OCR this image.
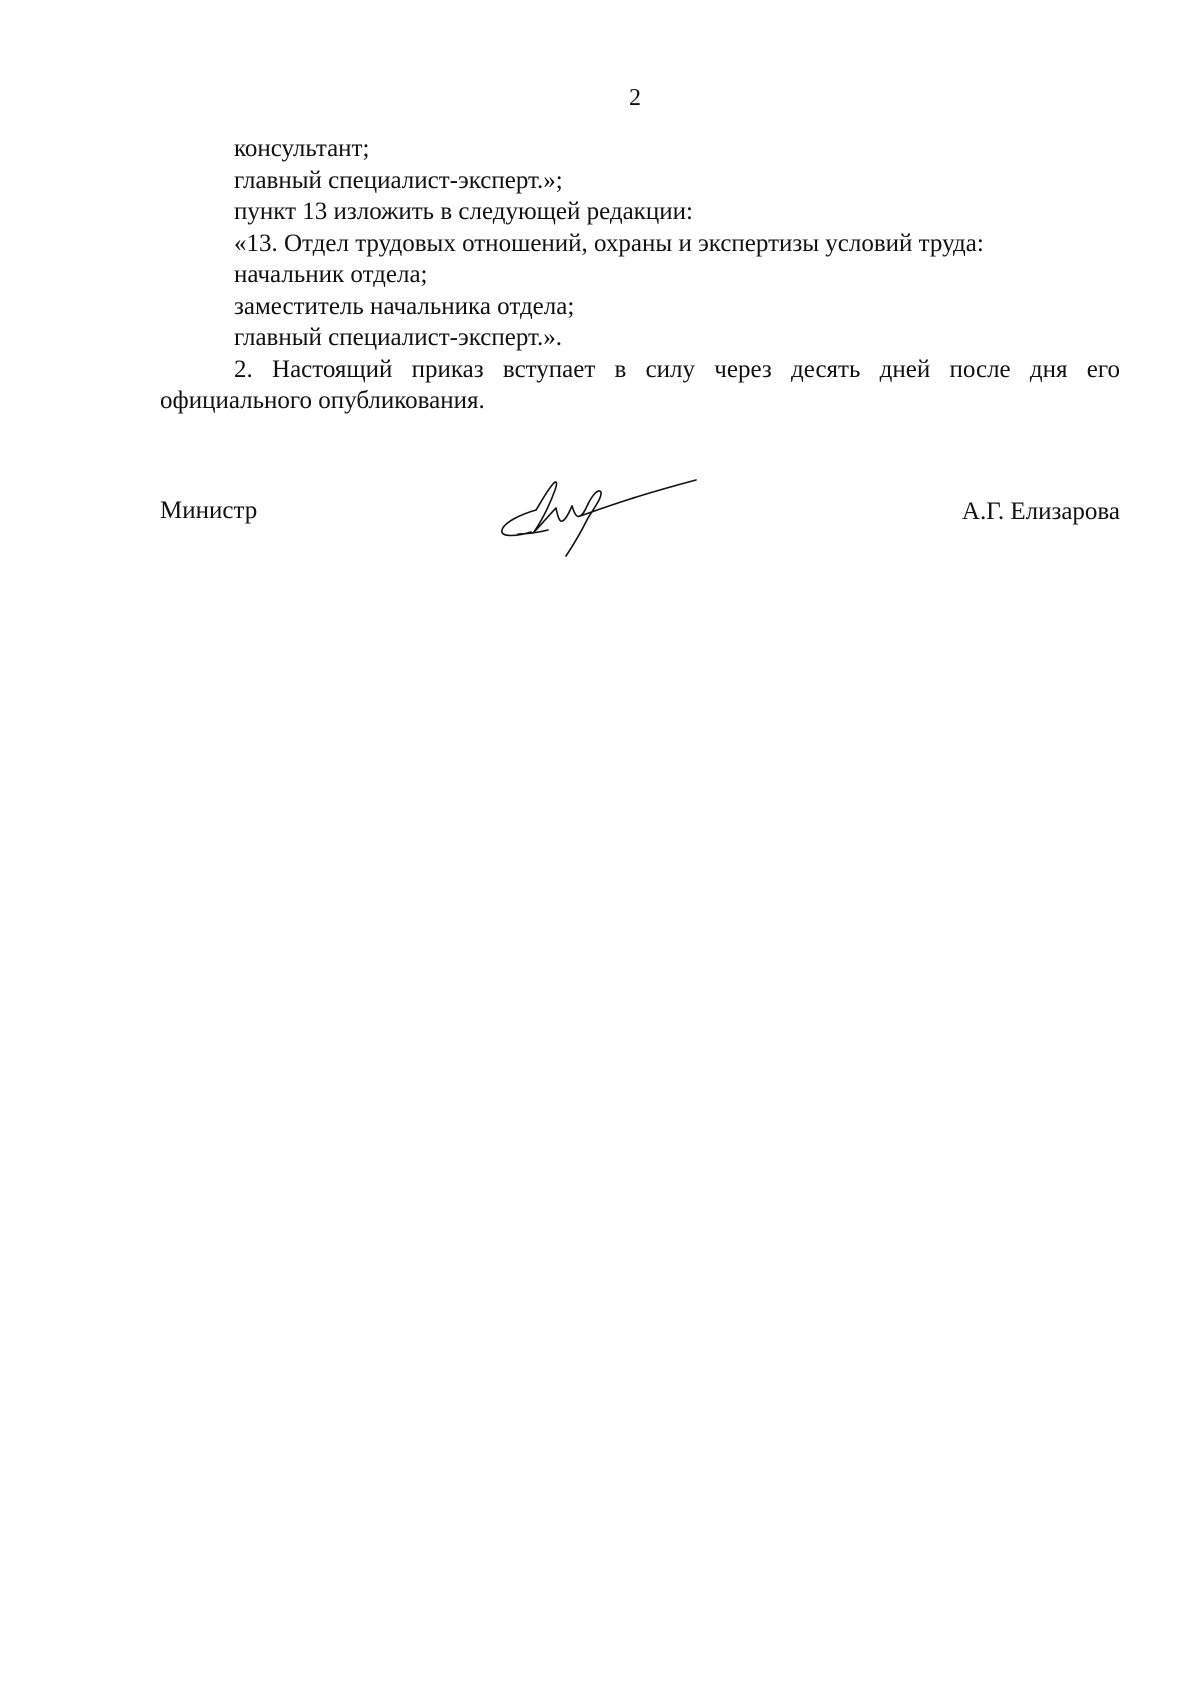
2
консультант;
главный специалист-эксперт.»;
пункт 13 изложить в следующей редакции:
«13. Отдел трудовых отношений, охраны и экспертизы условий труда:
начальник отдела;
заместитель начальника отдела;
главный специалист-эксперт.».

2. Настоящий приказ вступает в силу через десять дней после дня его официального опубликования.

Министр	А.Г. Елизарова
